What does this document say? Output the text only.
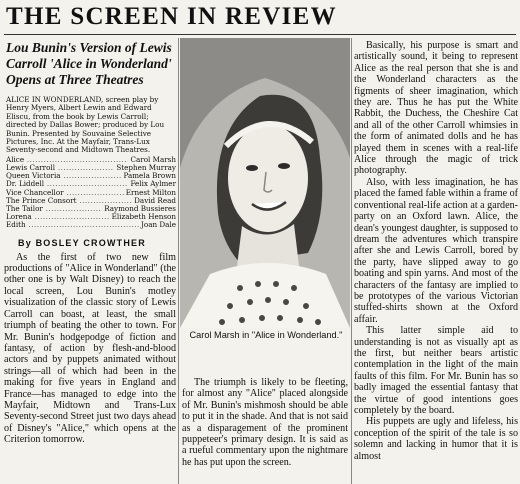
THE SCREEN IN REVIEW
Lou Bunin's Version of Lewis Carroll 'Alice in Wonderland' Opens at Three Theatres
ALICE IN WONDERLAND, screen play by Henry Myers, Albert Lewin and Edward Eliscu, from the book by Lewis Carroll; directed by Dallas Bower; produced by Lou Bunin. Presented by Souvaine Selective Pictures, Inc. At the Mayfair, Trans-Lux Seventy-second and Midtown Theatres.
Alice .....	Carol Marsh
Lewis Carroll .....	Stephen Murray
Queen Victoria .....	Pamela Brown
Dr. Liddell .....	Felix Aylmer
Vice Chancellor .....	Ernest Milton
The Prince Consort .....	David Read
The Tailor .....	Raymond Bussieres
Lorena .....	Elizabeth Henson
Edith .....	Joan Dale
By BOSLEY CROWTHER

As the first of two new film productions of "Alice in Wonderland" (the other one is by Walt Disney) to reach the local screen, Lou Bunin's motley visualization of the classic story of Lewis Carroll can boast, at least, the small triumph of beating the other to town. For Mr. Bunin's hodgepodge of fiction and fantasy, of action by flesh-and-blood actors and by puppets animated without strings—all of which had been in the making for five years in England and France—has managed to edge into the Mayfair, Midtown and Trans-Lux Seventy-second Street just two days ahead of Disney's "Alice," which opens at the Criterion tomorrow.

Carol Marsh in "Alice in Wonderland."

The triumph is likely to be fleeting, for almost any "Alice" placed alongside of Mr. Bunin's mishmosh should be able to put it in the shade. And that is not said as a disparagement of the prominent puppeteer's primary design. It is said as a rueful commentary upon the nightmare he has put upon the screen.

Basically, his purpose is smart and artistically sound, it being to represent Alice as the real person that she is and the Wonderland characters as the figments of sheer imagination, which they are. Thus he has put the White Rabbit, the Duchess, the Cheshire Cat and all of the other Carroll whimsies in the form of animated dolls and he has played them in scenes with a real-life Alice through the magic of trick photography.

Also, with less imagination, he has placed the famed fable within a frame of conventional real-life action at a garden-party on an Oxford lawn. Alice, the dean's youngest daughter, is supposed to dream the adventures which transpire after she and Lewis Carroll, bored by the party, have slipped away to go boating and spin yarns. And most of the characters of the fantasy are implied to be prototypes of the various Victorian stuffed-shirts shown at the Oxford affair.

This latter simple aid to understanding is not as visually apt as the first, but neither bears artistic contemplation in the light of the main faults of this film. For Mr. Bunin has so badly imaged the essential fantasy that the virtue of good intentions goes completely by the board.

His puppets are ugly and lifeless, his conception of the spirit of the tale is so solemn and lacking in humor that it is almost
